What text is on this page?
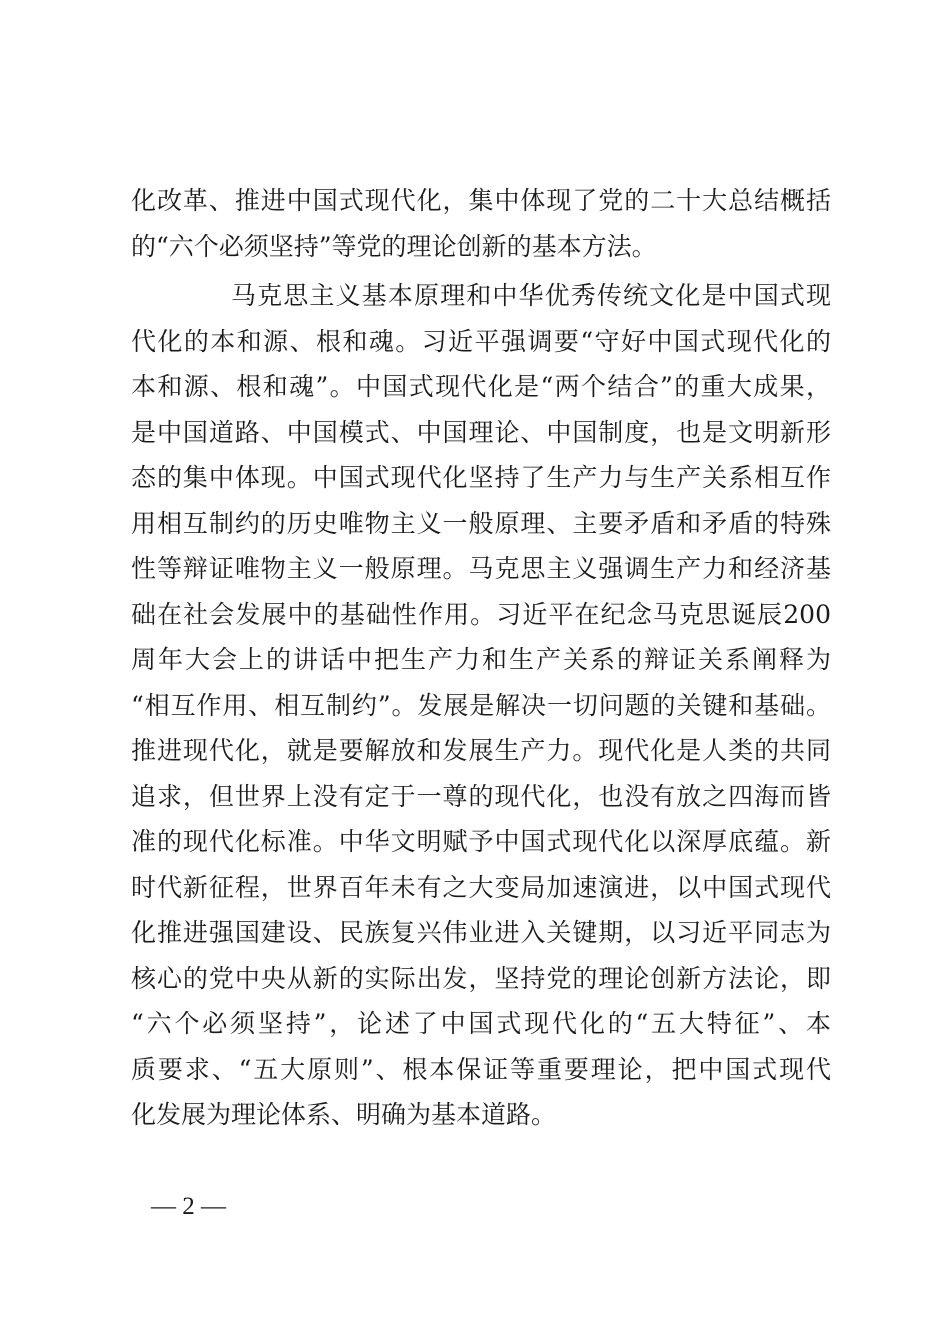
化改革、推进中国式现代化，集中体现了党的二十大总结概括
的“六个必须坚持”等党的理论创新的基本方法。
马克思主义基本原理和中华优秀传统文化是中国式现
代化的本和源、根和魂。习近平强调要“守好中国式现代化的
本和源、根和魂”。中国式现代化是“两个结合”的重大成果，
是中国道路、中国模式、中国理论、中国制度，也是文明新形
态的集中体现。中国式现代化坚持了生产力与生产关系相互作
用相互制约的历史唯物主义一般原理、主要矛盾和矛盾的特殊
性等辩证唯物主义一般原理。马克思主义强调生产力和经济基
础在社会发展中的基础性作用。习近平在纪念马克思诞辰200
周年大会上的讲话中把生产力和生产关系的辩证关系阐释为
“相互作用、相互制约”。发展是解决一切问题的关键和基础。
推进现代化，就是要解放和发展生产力。现代化是人类的共同
追求，但世界上没有定于一尊的现代化，也没有放之四海而皆
准的现代化标准。中华文明赋予中国式现代化以深厚底蕴。新
时代新征程，世界百年未有之大变局加速演进，以中国式现代
化推进强国建设、民族复兴伟业进入关键期，以习近平同志为
核心的党中央从新的实际出发，坚持党的理论创新方法论，即
“六个必须坚持”，论述了中国式现代化的“五大特征”、本
质要求、“五大原则”、根本保证等重要理论，把中国式现代
化发展为理论体系、明确为基本道路。
— 2 —
